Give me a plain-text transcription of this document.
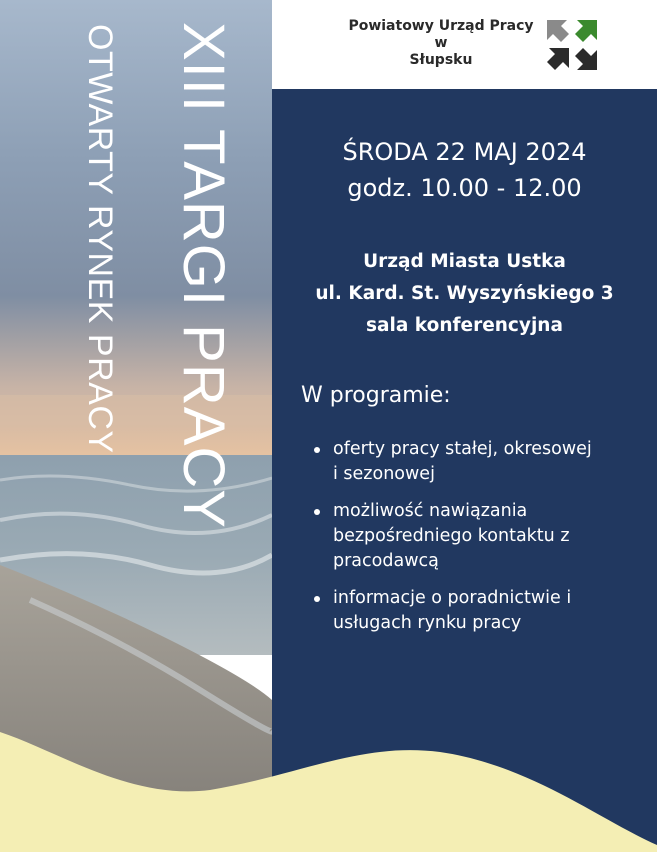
XIII TARGI PRACY
OTWARTY RYNEK PRACY	Powiatowy Urząd Pracy
w
Słupsku
ŚRODA 22 MAJ 2024
godz. 10.00 - 12.00
Urząd Miasta Ustka
ul. Kard. St. Wyszyńskiego 3
sala konferencyjna
W programie:
oferty pracy stałej, okresowej
i sezonowej
możliwość nawiązania
bezpośredniego kontaktu z
pracodawcą
informacje o poradnictwie i
usługach rynku pracy
